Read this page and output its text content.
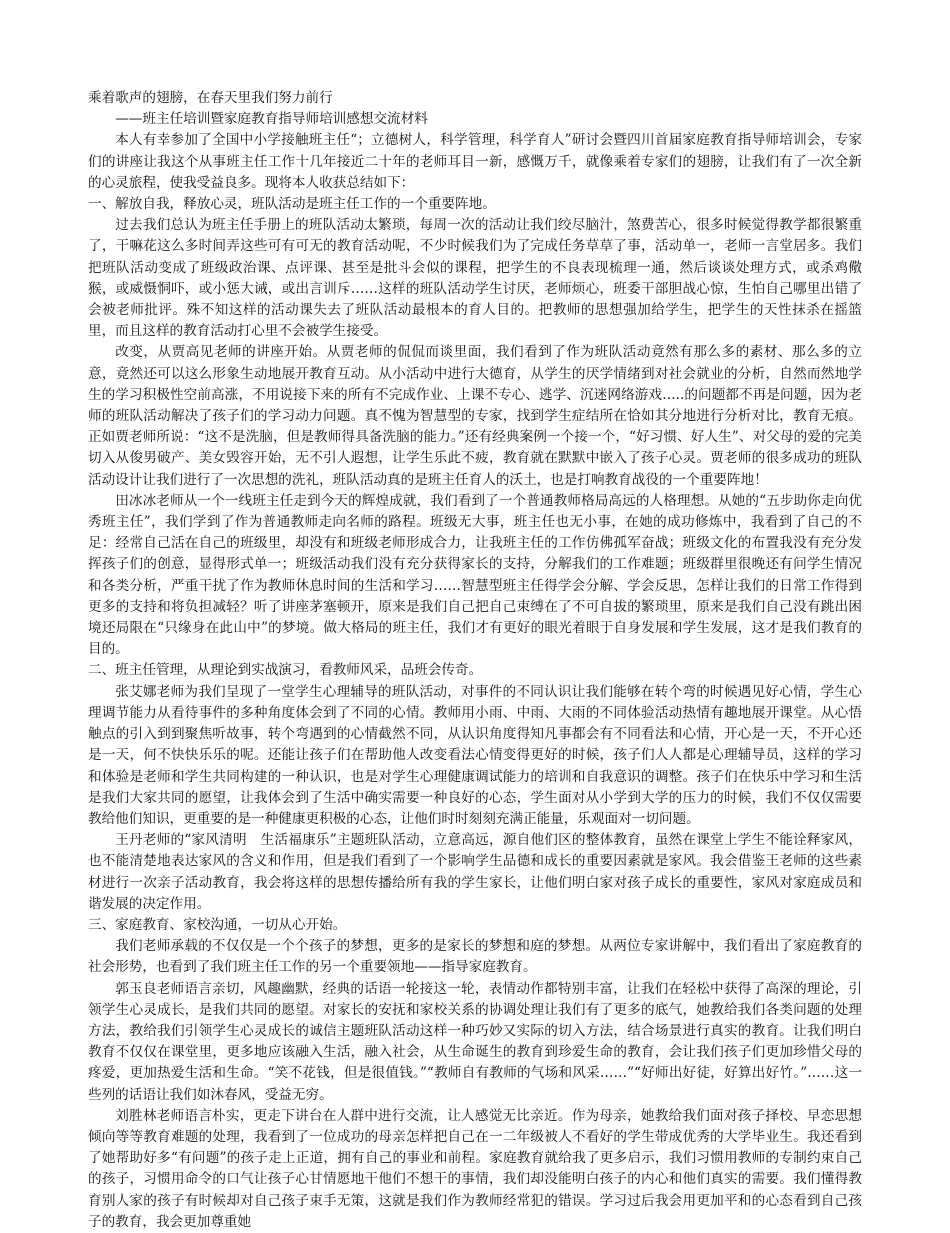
乘着歌声的翅膀，在春天里我们努力前行

——班主任培训暨家庭教育指导师培训感想交流材料

本人有幸参加了全国中小学接触班主任“；立德树人，科学管理，科学育人”研讨会暨四川首届家庭教育指导师培训会，专家们的讲座让我这个从事班主任工作十几年接近二十年的老师耳目一新，感慨万千，就像乘着专家们的翅膀，让我们有了一次全新的心灵旅程，使我受益良多。现将本人收获总结如下：

一、解放自我，释放心灵，班队活动是班主任工作的一个重要阵地。

过去我们总认为班主任手册上的班队活动太繁琐，每周一次的活动让我们绞尽脑汁，煞费苦心，很多时候觉得教学都很繁重了，干嘛花这么多时间弄这些可有可无的教育活动呢，不少时候我们为了完成任务草草了事，活动单一，老师一言堂居多。我们把班队活动变成了班级政治课、点评课、甚至是批斗会似的课程，把学生的不良表现梳理一通，然后谈谈处理方式，或杀鸡儆猴，或威慑恫吓，或小惩大诫，或出言训斥……这样的班队活动学生讨厌，老师烦心，班委干部胆战心惊，生怕自己哪里出错了会被老师批评。殊不知这样的活动课失去了班队活动最根本的育人目的。把教师的思想强加给学生，把学生的天性抹杀在摇篮里，而且这样的教育活动打心里不会被学生接受。

改变，从贾高见老师的讲座开始。从贾老师的侃侃而谈里面，我们看到了作为班队活动竟然有那么多的素材、那么多的立意，竟然还可以这么形象生动地展开教育互动。从小活动中进行大德育，从学生的厌学情绪到对社会就业的分析，自然而然地学生的学习积极性空前高涨，不用说接下来的所有不完成作业、上课不专心、逃学、沉迷网络游戏…..的问题都不再是问题，因为老师的班队活动解决了孩子们的学习动力问题。真不愧为智慧型的专家，找到学生症结所在恰如其分地进行分析对比，教育无痕。正如贾老师所说：“这不是洗脑，但是教师得具备洗脑的能力。”还有经典案例一个接一个，“好习惯、好人生”、对父母的爱的完美切入从俊男破产、美女毁容开始，无不引人遐想，让学生乐此不疲，教育就在默默中嵌入了孩子心灵。贾老师的很多成功的班队活动设计让我们进行了一次思想的洗礼，班队活动真的是班主任育人的沃土，也是打响教育战役的一个重要阵地！

田冰冰老师从一个一线班主任走到今天的辉煌成就，我们看到了一个普通教师格局高远的人格理想。从她的“五步助你走向优秀班主任”，我们学到了作为普通教师走向名师的路程。班级无大事，班主任也无小事，在她的成功修炼中，我看到了自己的不足：经常自己活在自己的班级里，却没有和班级老师形成合力，让我班主任的工作仿佛孤军奋战；班级文化的布置我没有充分发挥孩子们的创意，显得形式单一；班级活动我们没有充分获得家长的支持，分解我们的工作难题；班级群里很晚还有问学生情况和各类分析，严重干扰了作为教师休息时间的生活和学习……智慧型班主任得学会分解、学会反思，怎样让我们的日常工作得到更多的支持和将负担减轻？听了讲座茅塞顿开，原来是我们自己把自己束缚在了不可自拔的繁琐里，原来是我们自己没有跳出困境还局限在“只缘身在此山中”的梦境。做大格局的班主任，我们才有更好的眼光着眼于自身发展和学生发展，这才是我们教育的目的。

二、班主任管理，从理论到实战演习，看教师风采，品班会传奇。

张艾娜老师为我们呈现了一堂学生心理辅导的班队活动，对事件的不同认识让我们能够在转个弯的时候遇见好心情，学生心理调节能力从看待事件的多种角度体会到了不同的心情。教师用小雨、中雨、大雨的不同体验活动热情有趣地展开课堂。从心悟触点的引入到到聚焦听故事，转个弯遇到的心情截然不同，从认识角度得知凡事都会有不同看法和心情，开心是一天，不开心还是一天，何不快快乐乐的呢。还能让孩子们在帮助他人改变看法心情变得更好的时候，孩子们人人都是心理辅导员，这样的学习和体验是老师和学生共同构建的一种认识，也是对学生心理健康调试能力的培训和自我意识的调整。孩子们在快乐中学习和生活是我们大家共同的愿望，让我体会到了生活中确实需要一种良好的心态，学生面对从小学到大学的压力的时候，我们不仅仅需要教给他们知识，更重要的是一种健康更积极的心态，让他们时时刻刻充满正能量，乐观面对一切问题。

王丹老师的“家风清明　生活福康乐”主题班队活动，立意高远，源自他们区的整体教育，虽然在课堂上学生不能诠释家风，也不能清楚地表达家风的含义和作用，但是我们看到了一个影响学生品德和成长的重要因素就是家风。我会借鉴王老师的这些素材进行一次亲子活动教育，我会将这样的思想传播给所有我的学生家长，让他们明白家对孩子成长的重要性，家风对家庭成员和谐发展的决定作用。

三、家庭教育、家校沟通，一切从心开始。

我们老师承载的不仅仅是一个个孩子的梦想，更多的是家长的梦想和庭的梦想。从两位专家讲解中，我们看出了家庭教育的社会形势，也看到了我们班主任工作的另一个重要领地——指导家庭教育。

郭玉良老师语言亲切，风趣幽默，经典的话语一轮接这一轮，表情动作都特别丰富，让我们在轻松中获得了高深的理论，引领学生心灵成长，是我们共同的愿望。对家长的安抚和家校关系的协调处理让我们有了更多的底气，她教给我们各类问题的处理方法，教给我们引领学生心灵成长的诚信主题班队活动这样一种巧妙又实际的切入方法，结合场景进行真实的教育。让我们明白教育不仅仅在课堂里，更多地应该融入生活，融入社会，从生命诞生的教育到珍爱生命的教育，会让我们孩子们更加珍惜父母的疼爱，更加热爱生活和生命。“笑不花钱，但是很值钱。”“教师自有教师的气场和风采……”“好师出好徒，好算出好竹。”……这一些列的话语让我们如沐春风，受益无穷。

刘胜林老师语言朴实，更走下讲台在人群中进行交流，让人感觉无比亲近。作为母亲，她教给我们面对孩子择校、早恋思想倾向等等教育难题的处理，我看到了一位成功的母亲怎样把自己在一二年级被人不看好的学生带成优秀的大学毕业生。我还看到了她帮助好多“有问题”的孩子走上正道，拥有自己的事业和前程。家庭教育就给我了更多启示，我们习惯用教师的专制约束自己的孩子，习惯用命令的口气让孩子心甘情愿地干他们不想干的事情，我们却没能明白孩子的内心和他们真实的需要。我们懂得教育别人家的孩子有时候却对自己孩子束手无策，这就是我们作为教师经常犯的错误。学习过后我会用更加平和的心态看到自己孩子的教育，我会更加尊重她
